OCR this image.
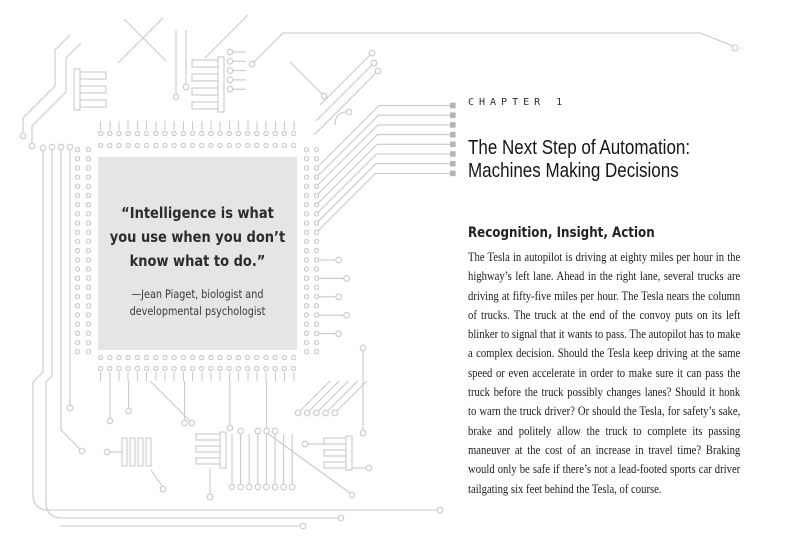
“Intelligence is what
you use when you don’t
know what to do.”
—Jean Piaget, biologist and
developmental psychologist
CHAPTER 1
The Next Step of Automation:
Machines Making Decisions
Recognition, Insight, Action

The Tesla in autopilot is driving at eighty miles per hour in the highway’s left lane. Ahead in the right lane, several trucks are driving at fifty-five miles per hour. The Tesla nears the column of trucks. The truck at the end of the convoy puts on its left blinker to signal that it wants to pass. The autopilot has to make a complex decision. Should the Tesla keep driving at the same speed or even accelerate in order to make sure it can pass the truck before the truck possibly changes lanes? Should it honk to warn the truck driver? Or should the Tesla, for safety’s sake, brake and politely allow the truck to complete its passing maneuver at the cost of an increase in travel time? Braking would only be safe if there’s not a lead-footed sports car driver tailgating six feet behind the Tesla, of course.
